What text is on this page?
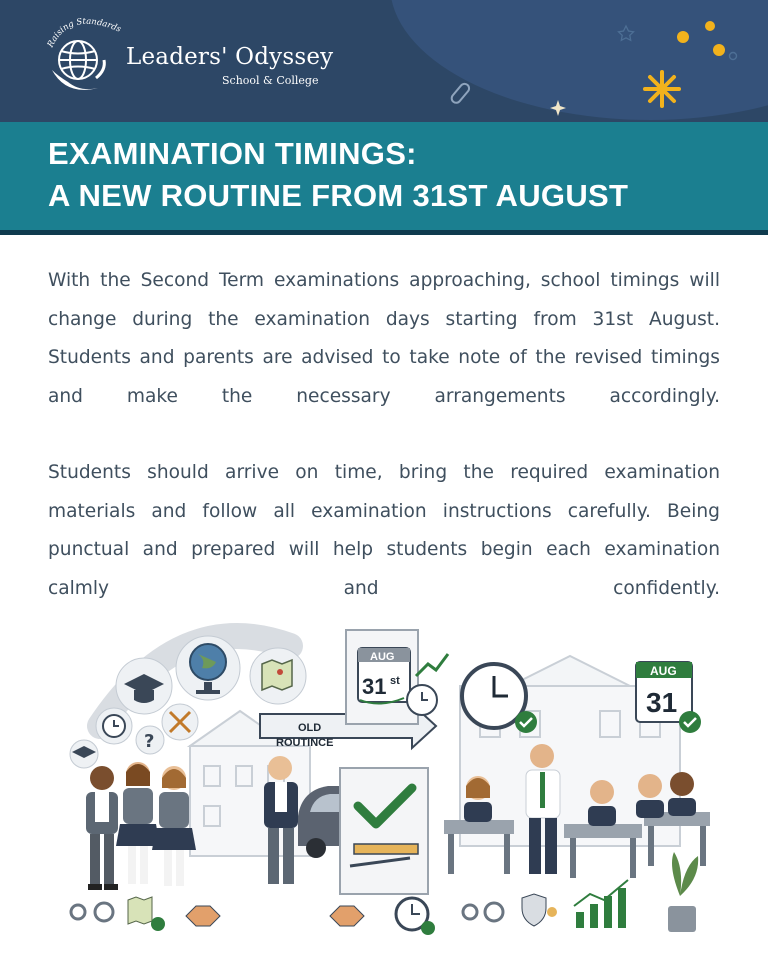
Raising Standards
Leaders' Odyssey
School & College
EXAMINATION TIMINGS:
A NEW ROUTINE FROM 31ST AUGUST

With the Second Term examinations approaching, school timings will change during the examination days starting from 31st August. Students and parents are advised to take note of the revised timings and make the necessary arrangements accordingly.

Students should arrive on time, bring the required examination materials and follow all examination instructions carefully. Being punctual and prepared will help students begin each examination calmly and confidently.

?
OLD
ROUTINCE
AUG
31 st
AUG
31
